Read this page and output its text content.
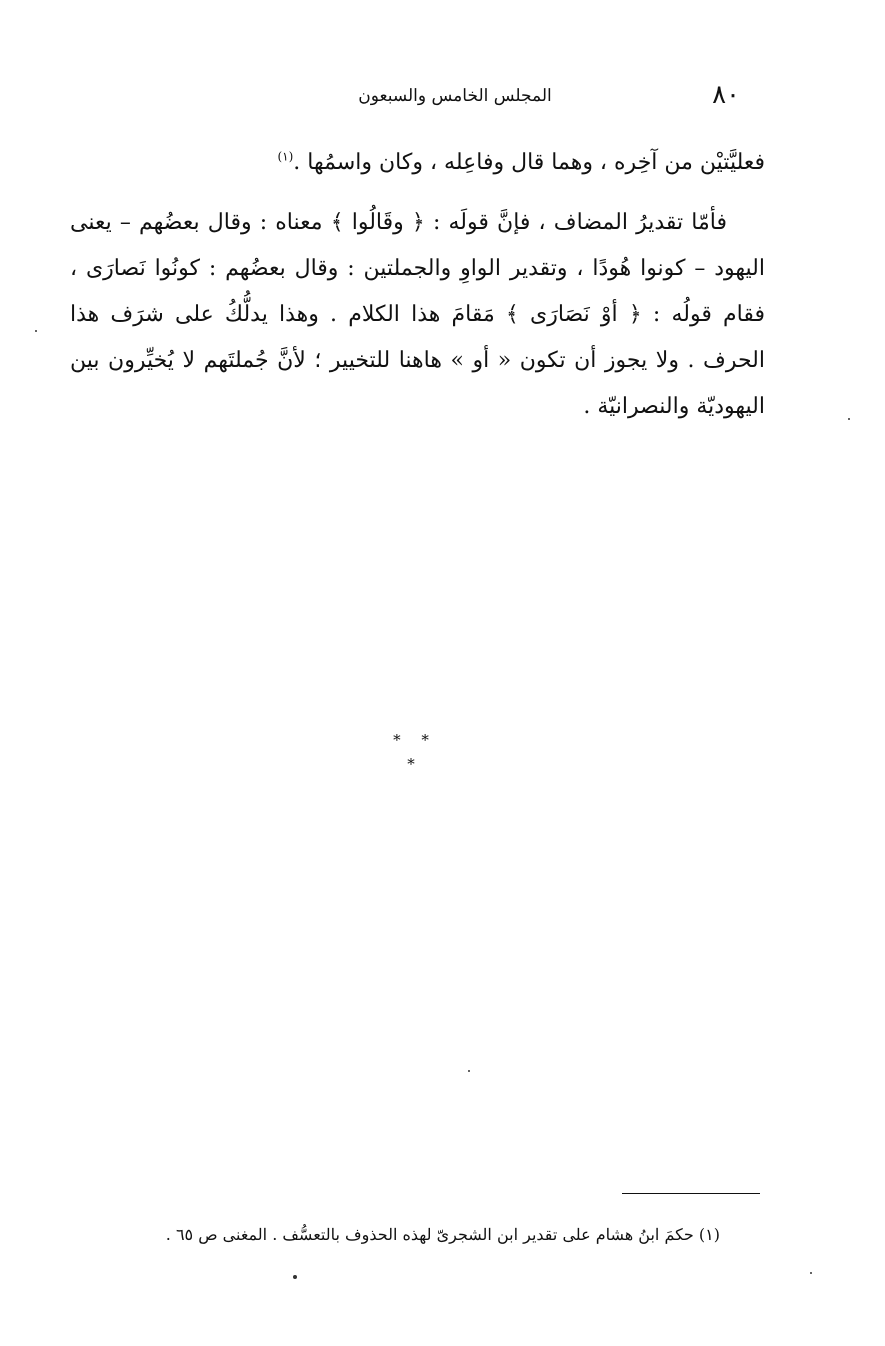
المجلس الخامس والسبعون	٨٠

فعليَّتيْن من آخِره ، وهما قال وفاعِله ، وكان واسمُها .$^{(١)}$

فأمّا تقديرُ المضاف ، فإنَّ قولَه : ﴿ وقَالُوا ﴾ معناه : وقال بعضُهم – يعنى اليهود – كونوا هُودًا ، وتقدير الواوِ والجملتين : وقال بعضُهم : كونُوا نَصارَى ، فقام قولُه : ﴿ أوْ نَصَارَى ﴾ مَقامَ هذا الكلام . وهذا يدلُّكُ على شرَف هذا الحرف . ولا يجوز أن تكون « أو » هاهنا للتخيير ؛ لأنَّ جُملتَهم لا يُخيِّرون بين اليهوديّة والنصرانيّة .

* * *
(١) حكمَ ابنُ هشام على تقدير ابن الشجرىّ لهذه الحذوف بالتعسُّف . المغنى ص ٦٥ .
